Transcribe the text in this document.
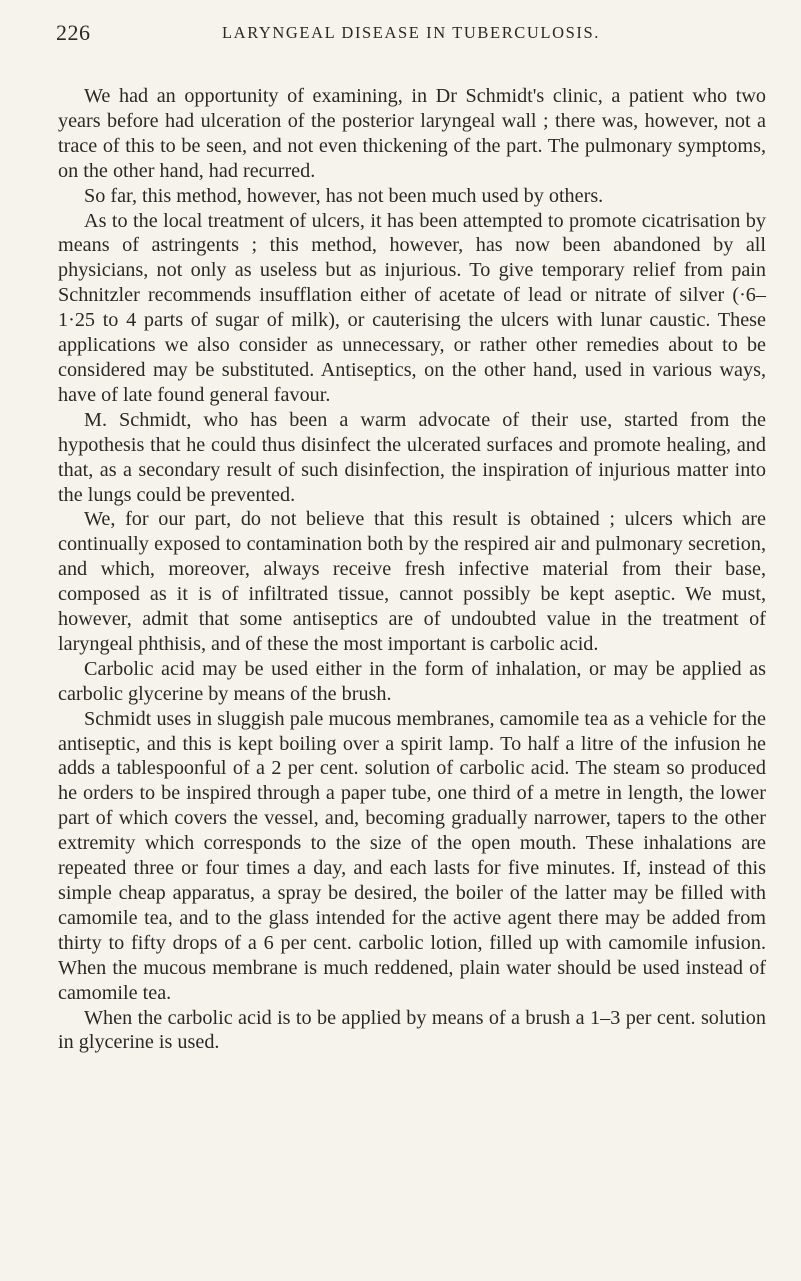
226	LARYNGEAL DISEASE IN TUBERCULOSIS.

We had an opportunity of examining, in Dr Schmidt's clinic, a patient who two years before had ulceration of the posterior laryngeal wall ; there was, however, not a trace of this to be seen, and not even thickening of the part. The pulmonary symptoms, on the other hand, had recurred.

So far, this method, however, has not been much used by others.

As to the local treatment of ulcers, it has been attempted to promote cicatrisation by means of astringents ; this method, however, has now been abandoned by all physicians, not only as useless but as injurious. To give temporary relief from pain Schnitzler recommends insufflation either of acetate of lead or nitrate of silver (·6–1·25 to 4 parts of sugar of milk), or cauterising the ulcers with lunar caustic. These applications we also consider as unnecessary, or rather other remedies about to be considered may be substituted. Antiseptics, on the other hand, used in various ways, have of late found general favour.

M. Schmidt, who has been a warm advocate of their use, started from the hypothesis that he could thus disinfect the ulcerated surfaces and promote healing, and that, as a secondary result of such disinfection, the inspiration of injurious matter into the lungs could be prevented.

We, for our part, do not believe that this result is obtained ; ulcers which are continually exposed to contamination both by the respired air and pulmonary secretion, and which, moreover, always receive fresh infective material from their base, composed as it is of infiltrated tissue, cannot possibly be kept aseptic. We must, however, admit that some antiseptics are of undoubted value in the treatment of laryngeal phthisis, and of these the most important is carbolic acid.

Carbolic acid may be used either in the form of inhalation, or may be applied as carbolic glycerine by means of the brush.

Schmidt uses in sluggish pale mucous membranes, camomile tea as a vehicle for the antiseptic, and this is kept boiling over a spirit lamp. To half a litre of the infusion he adds a tablespoonful of a 2 per cent. solution of carbolic acid. The steam so produced he orders to be inspired through a paper tube, one third of a metre in length, the lower part of which covers the vessel, and, becoming gradually narrower, tapers to the other extremity which corresponds to the size of the open mouth. These inhalations are repeated three or four times a day, and each lasts for five minutes. If, instead of this simple cheap apparatus, a spray be desired, the boiler of the latter may be filled with camomile tea, and to the glass intended for the active agent there may be added from thirty to fifty drops of a 6 per cent. carbolic lotion, filled up with camomile infusion. When the mucous membrane is much reddened, plain water should be used instead of camomile tea.

When the carbolic acid is to be applied by means of a brush a 1–3 per cent. solution in glycerine is used.
